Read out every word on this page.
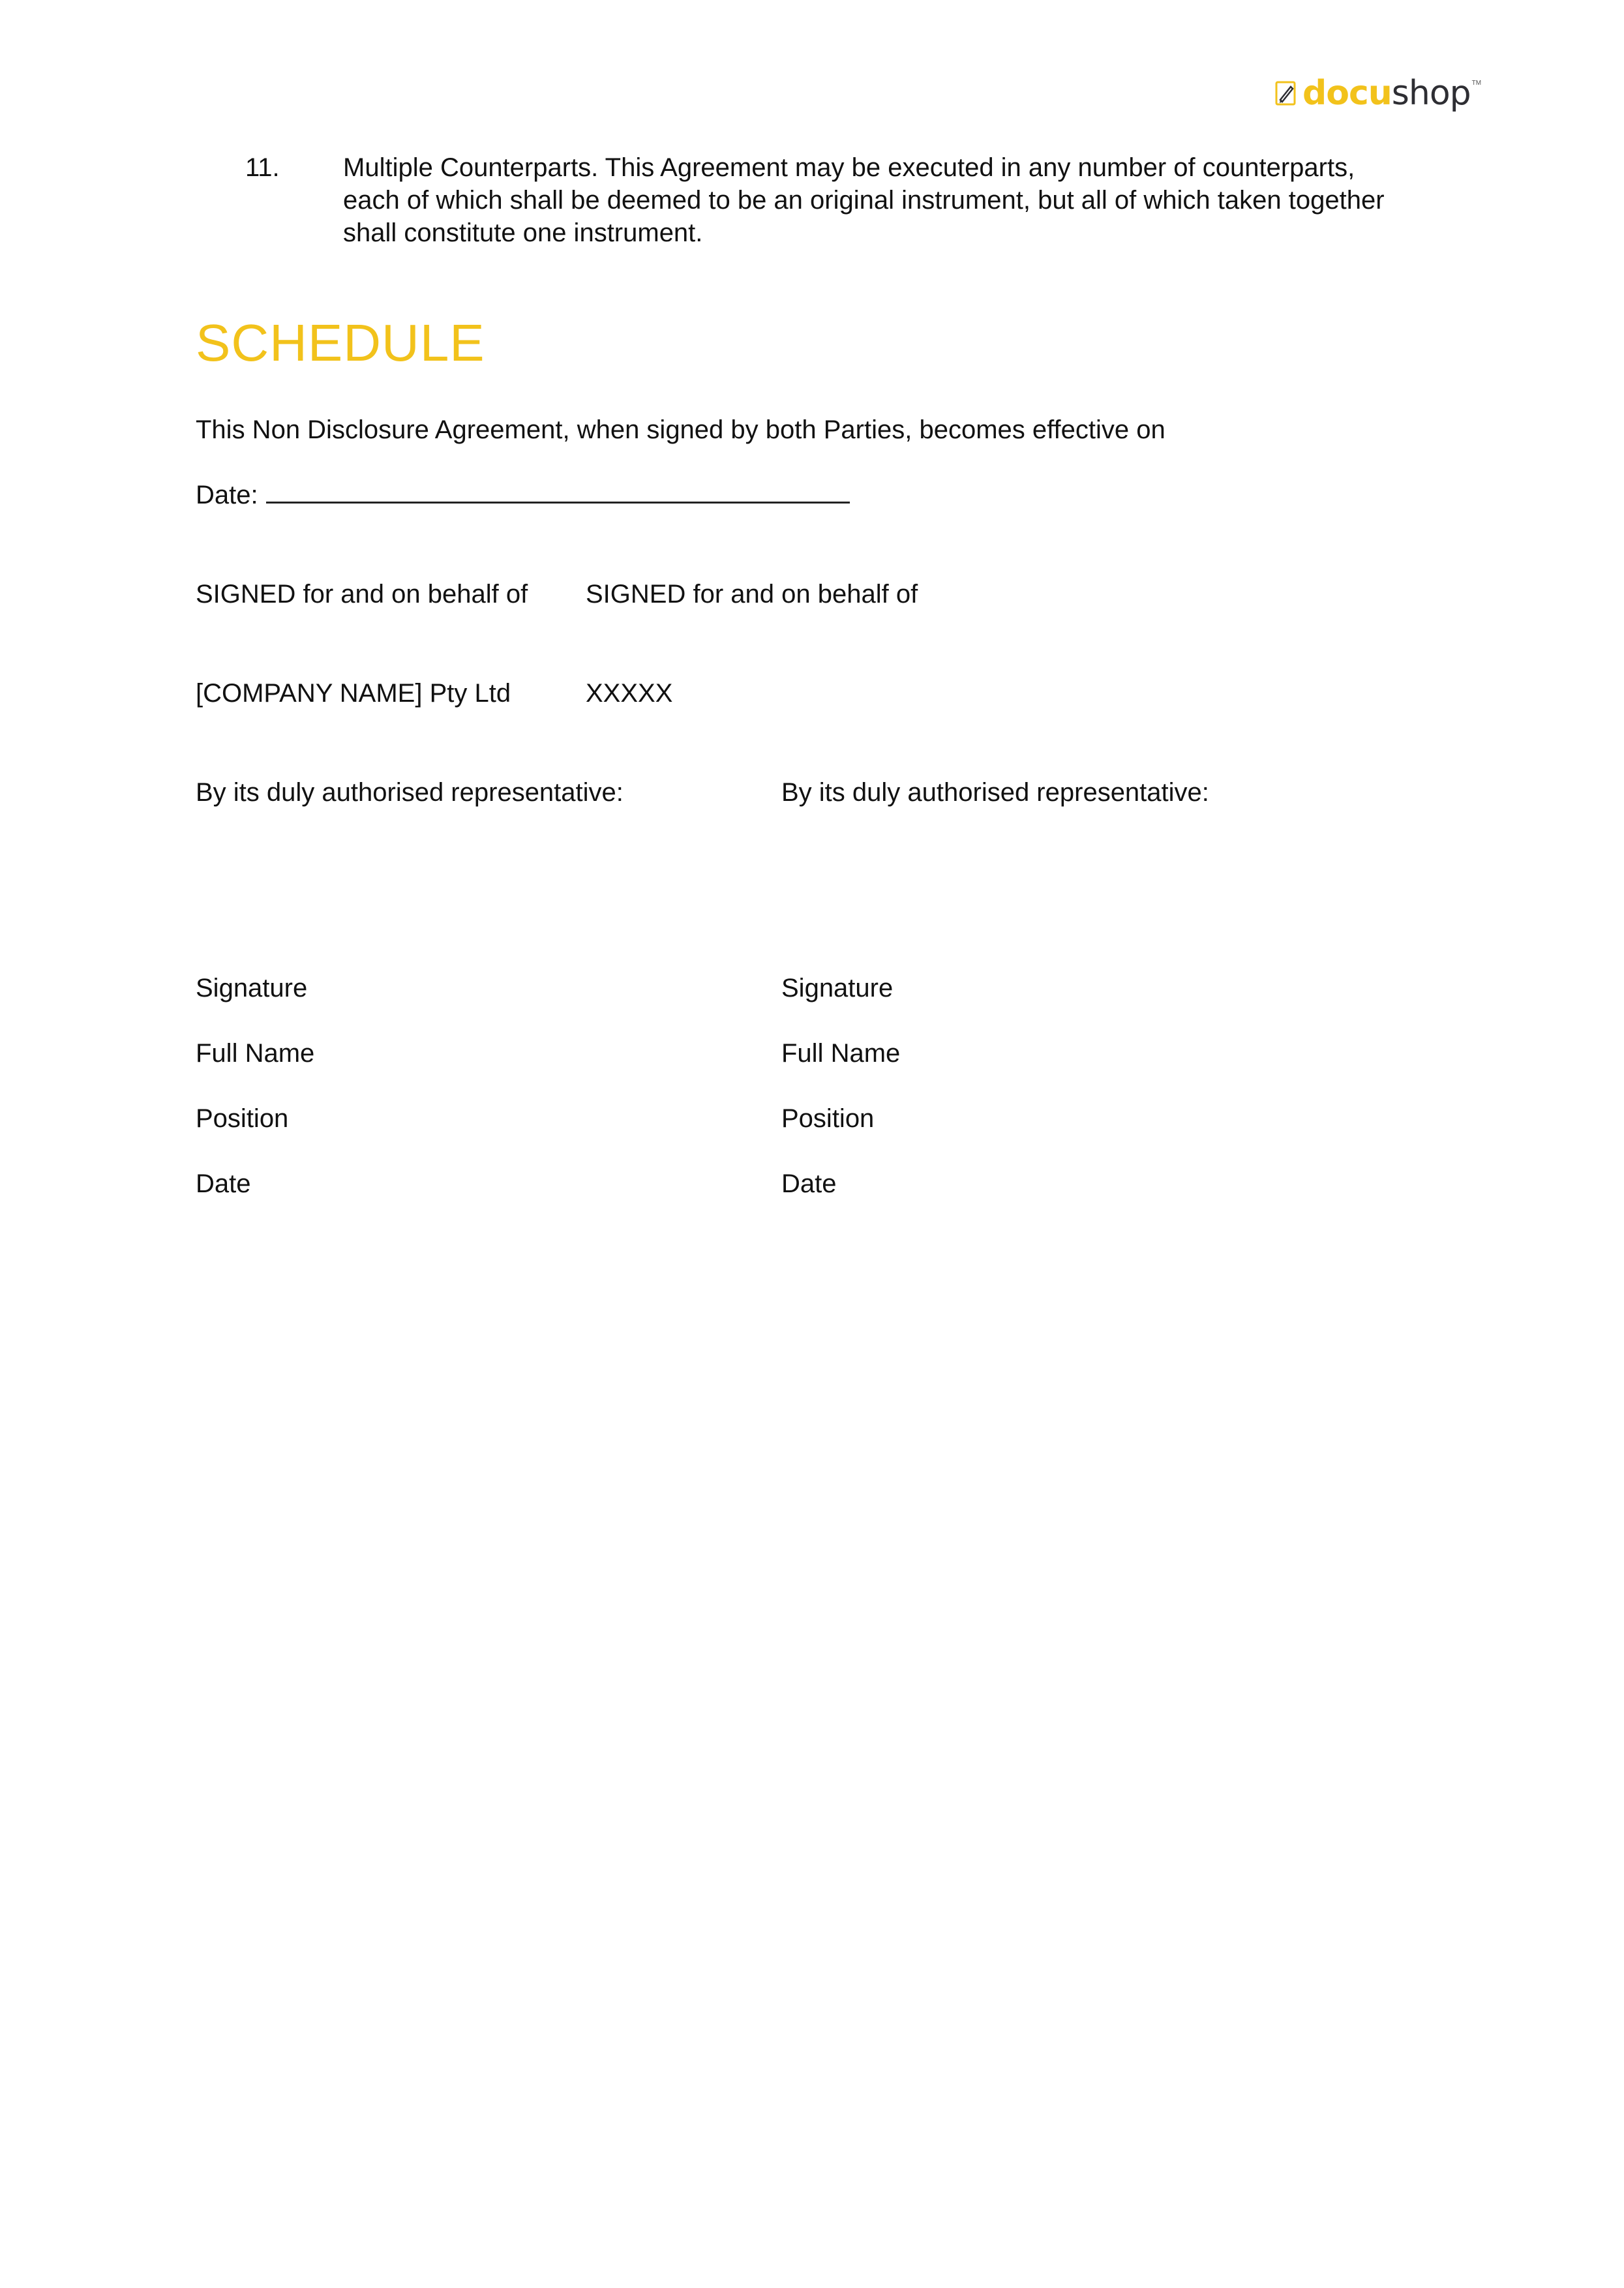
docushop TM
11. Multiple Counterparts. This Agreement may be executed in any number of counterparts,
each of which shall be deemed to be an original instrument, but all of which taken together
shall constitute one instrument.
SCHEDULE
This Non Disclosure Agreement, when signed by both Parties, becomes effective on
Date:
SIGNED for and on behalf of SIGNED for and on behalf of
[COMPANY NAME] Pty Ltd	XXXXX
By its duly authorised representative:	By its duly authorised representative:
Signature
Full Name
Position
Date
Signature
Full Name
Position
Date
